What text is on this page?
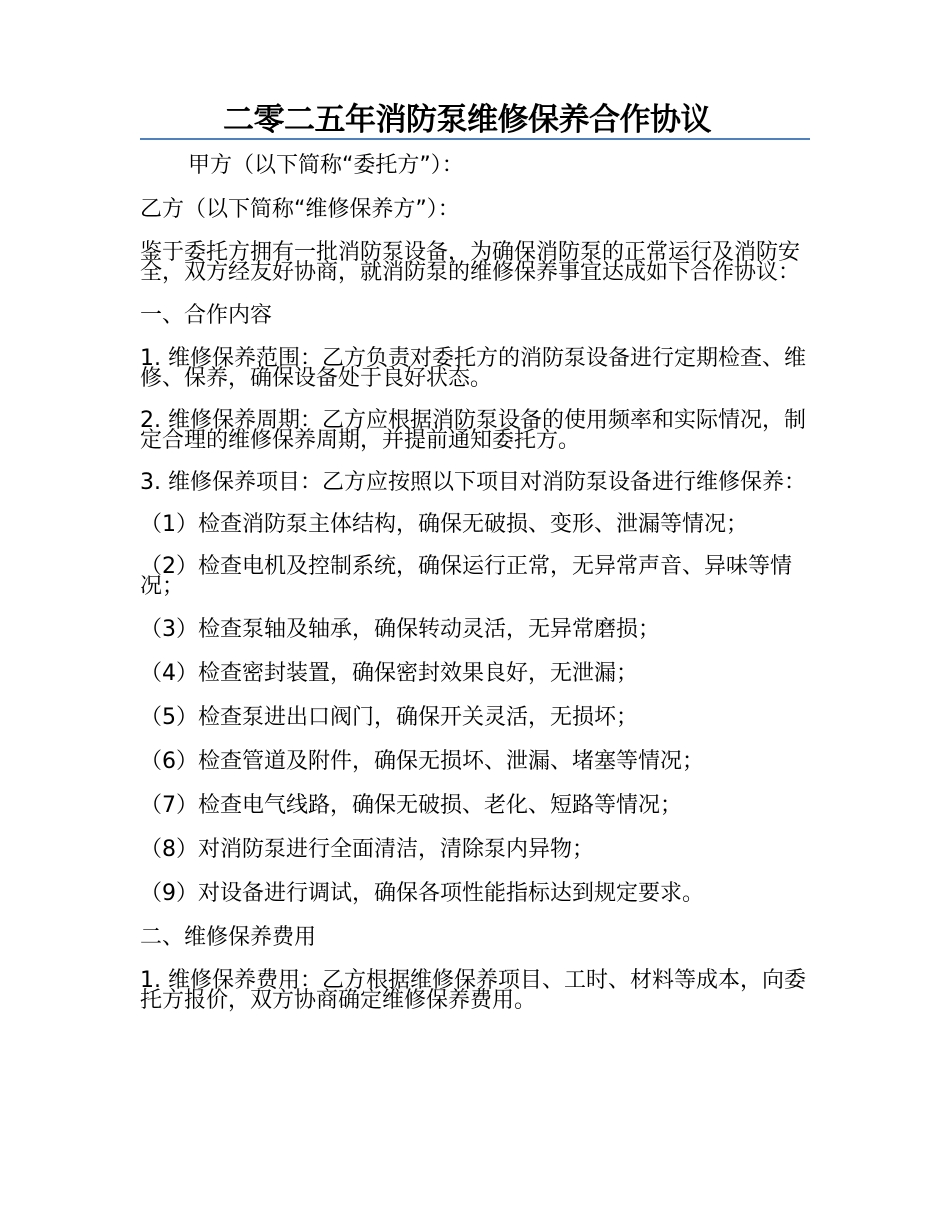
二零二五年消防泵维修保养合作协议
甲方（以下简称“委托方”）：
乙方（以下简称“维修保养方”）：
鉴于委托方拥有一批消防泵设备，为确保消防泵的正常运行及消防安全，双方经友好协商，就消防泵的维修保养事宜达成如下合作协议：
一、合作内容
1. 维修保养范围：乙方负责对委托方的消防泵设备进行定期检查、维修、保养，确保设备处于良好状态。
2. 维修保养周期：乙方应根据消防泵设备的使用频率和实际情况，制定合理的维修保养周期，并提前通知委托方。
3. 维修保养项目：乙方应按照以下项目对消防泵设备进行维修保养：
（1）检查消防泵主体结构，确保无破损、变形、泄漏等情况；
（2）检查电机及控制系统，确保运行正常，无异常声音、异味等情况；
（3）检查泵轴及轴承，确保转动灵活，无异常磨损；
（4）检查密封装置，确保密封效果良好，无泄漏；
（5）检查泵进出口阀门，确保开关灵活，无损坏；
（6）检查管道及附件，确保无损坏、泄漏、堵塞等情况；
（7）检查电气线路，确保无破损、老化、短路等情况；
（8）对消防泵进行全面清洁，清除泵内异物；
（9）对设备进行调试，确保各项性能指标达到规定要求。
二、维修保养费用
1. 维修保养费用：乙方根据维修保养项目、工时、材料等成本，向委托方报价，双方协商确定维修保养费用。
